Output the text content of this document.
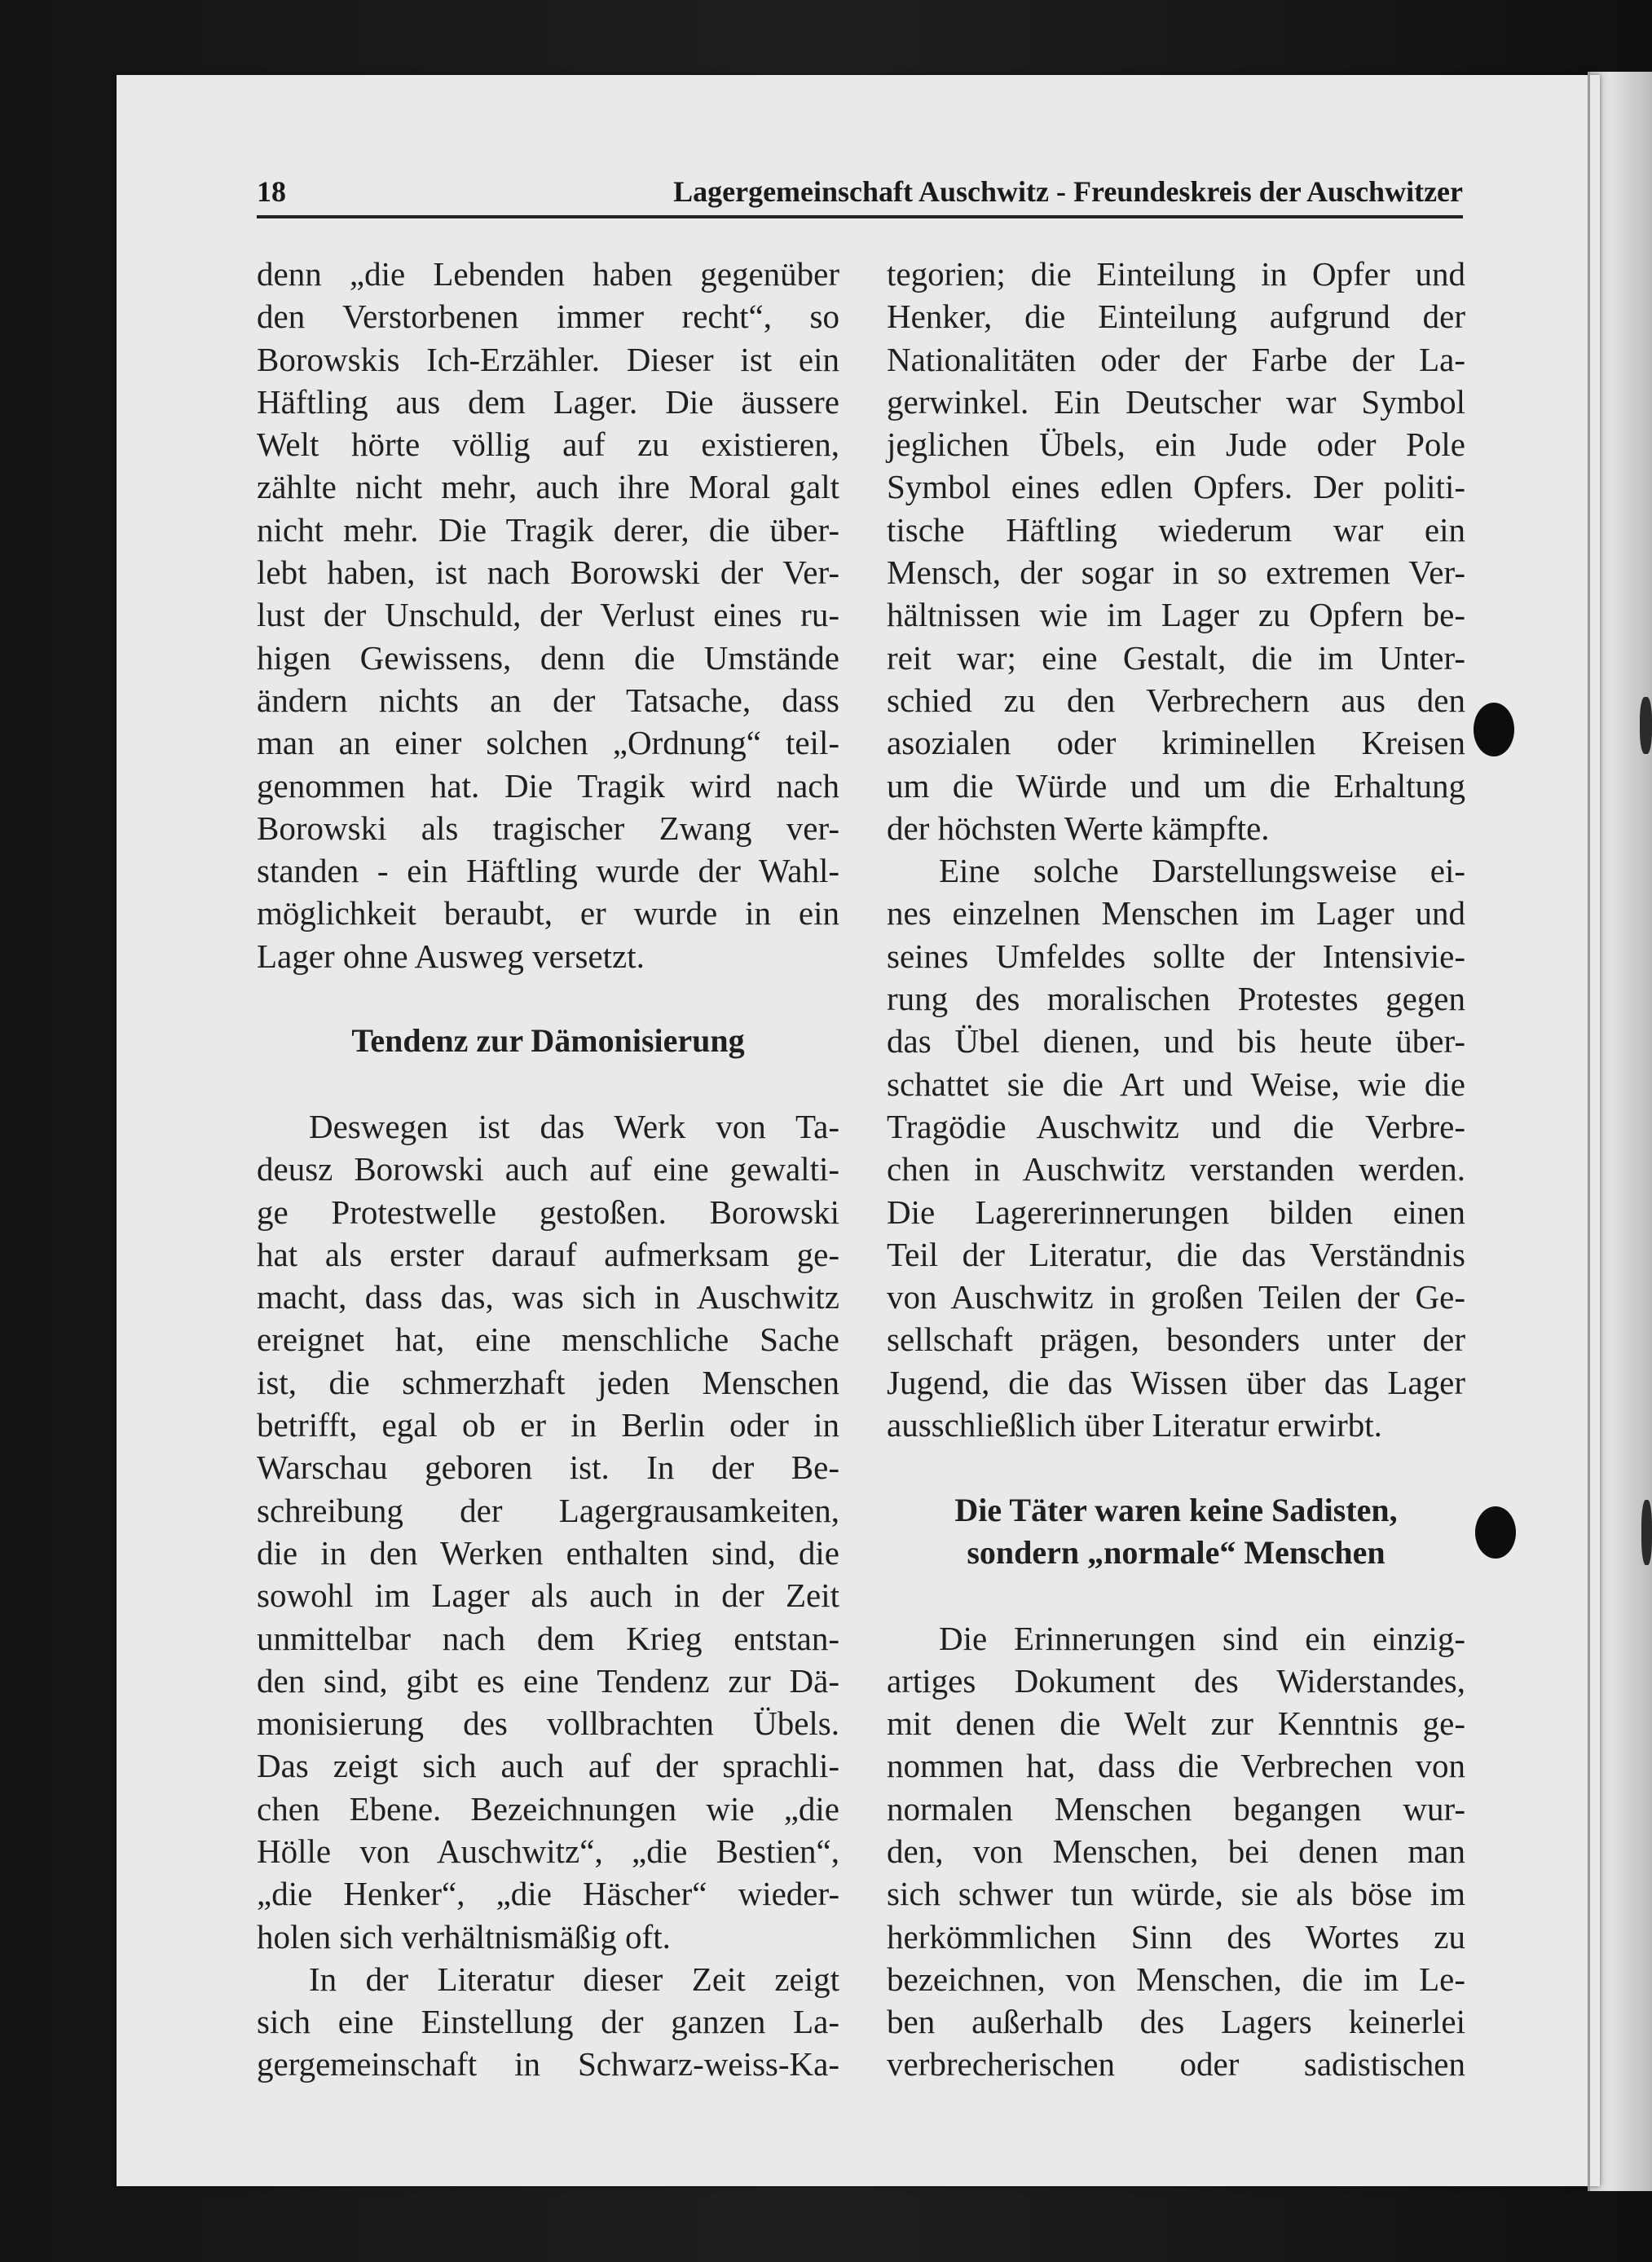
18	Lagergemeinschaft Auschwitz - Freundeskreis der Auschwitzer
denn „die Lebenden haben gegenüber
den Verstorbenen immer recht“, so
Borowskis Ich-Erzähler. Dieser ist ein
Häftling aus dem Lager. Die äussere
Welt hörte völlig auf zu existieren,
zählte nicht mehr, auch ihre Moral galt
nicht mehr. Die Tragik derer, die über-
lebt haben, ist nach Borowski der Ver-
lust der Unschuld, der Verlust eines ru-
higen Gewissens, denn die Umstände
ändern nichts an der Tatsache, dass
man an einer solchen „Ordnung“ teil-
genommen hat. Die Tragik wird nach
Borowski als tragischer Zwang ver-
standen - ein Häftling wurde der Wahl-
möglichkeit beraubt, er wurde in ein
Lager ohne Ausweg versetzt.
Tendenz zur Dämonisierung
Deswegen ist das Werk von Ta-
deusz Borowski auch auf eine gewalti-
ge Protestwelle gestoßen. Borowski
hat als erster darauf aufmerksam ge-
macht, dass das, was sich in Auschwitz
ereignet hat, eine menschliche Sache
ist, die schmerzhaft jeden Menschen
betrifft, egal ob er in Berlin oder in
Warschau geboren ist. In der Be-
schreibung der Lagergrausamkeiten,
die in den Werken enthalten sind, die
sowohl im Lager als auch in der Zeit
unmittelbar nach dem Krieg entstan-
den sind, gibt es eine Tendenz zur Dä-
monisierung des vollbrachten Übels.
Das zeigt sich auch auf der sprachli-
chen Ebene. Bezeichnungen wie „die
Hölle von Auschwitz“, „die Bestien“,
„die Henker“, „die Häscher“ wieder-
holen sich verhältnismäßig oft.
In der Literatur dieser Zeit zeigt
sich eine Einstellung der ganzen La-
gergemeinschaft in Schwarz-weiss-Ka-
tegorien; die Einteilung in Opfer und
Henker, die Einteilung aufgrund der
Nationalitäten oder der Farbe der La-
gerwinkel. Ein Deutscher war Symbol
jeglichen Übels, ein Jude oder Pole
Symbol eines edlen Opfers. Der politi-
tische Häftling wiederum war ein
Mensch, der sogar in so extremen Ver-
hältnissen wie im Lager zu Opfern be-
reit war; eine Gestalt, die im Unter-
schied zu den Verbrechern aus den
asozialen oder kriminellen Kreisen
um die Würde und um die Erhaltung
der höchsten Werte kämpfte.
Eine solche Darstellungsweise ei-
nes einzelnen Menschen im Lager und
seines Umfeldes sollte der Intensivie-
rung des moralischen Protestes gegen
das Übel dienen, und bis heute über-
schattet sie die Art und Weise, wie die
Tragödie Auschwitz und die Verbre-
chen in Auschwitz verstanden werden.
Die Lagererinnerungen bilden einen
Teil der Literatur, die das Verständnis
von Auschwitz in großen Teilen der Ge-
sellschaft prägen, besonders unter der
Jugend, die das Wissen über das Lager
ausschließlich über Literatur erwirbt.
Die Täter waren keine Sadisten,
sondern „normale“ Menschen
Die Erinnerungen sind ein einzig-
artiges Dokument des Widerstandes,
mit denen die Welt zur Kenntnis ge-
nommen hat, dass die Verbrechen von
normalen Menschen begangen wur-
den, von Menschen, bei denen man
sich schwer tun würde, sie als böse im
herkömmlichen Sinn des Wortes zu
bezeichnen, von Menschen, die im Le-
ben außerhalb des Lagers keinerlei
verbrecherischen oder sadistischen
